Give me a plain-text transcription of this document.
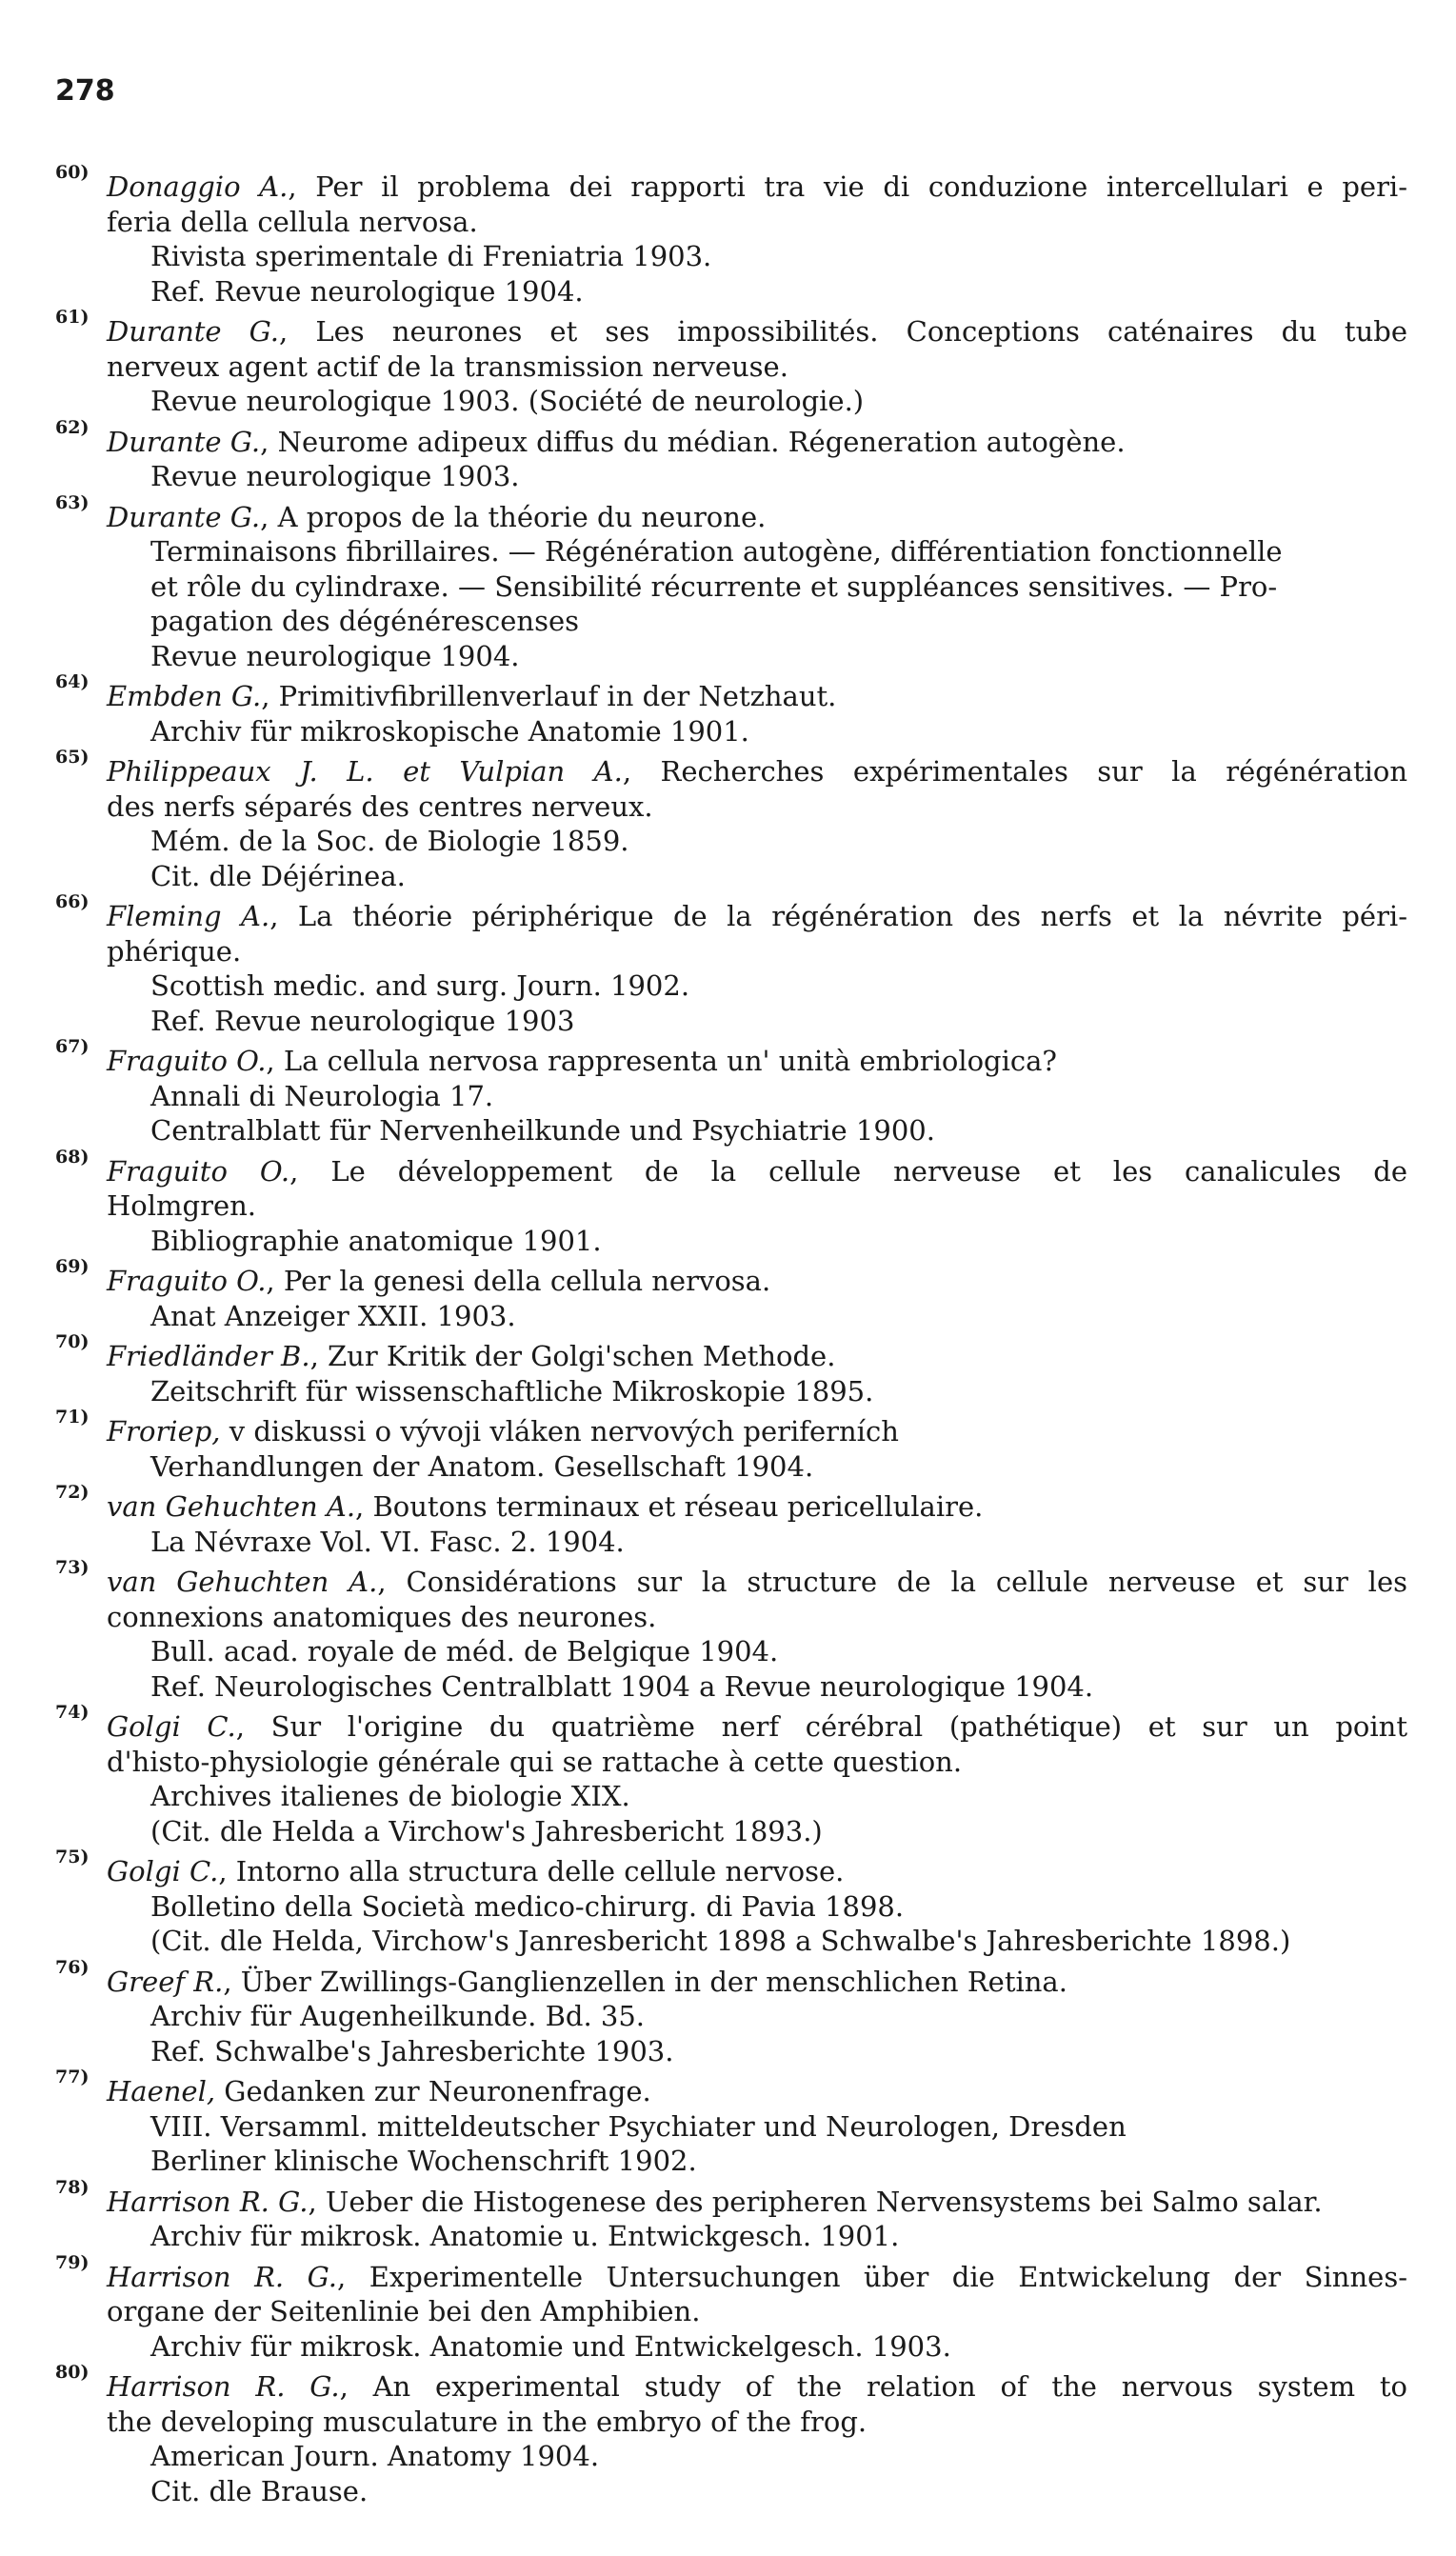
278
60) Donaggio A., Per il problema dei rapporti tra vie di conduzione intercellulari e peri-
feria della cellula nervosa.
Rivista sperimentale di Freniatria 1903.
Ref. Revue neurologique 1904.
61) Durante G., Les neurones et ses impossibilités. Conceptions caténaires du tube
nerveux agent actif de la transmission nerveuse.
Revue neurologique 1903. (Société de neurologie.)
62) Durante G., Neurome adipeux diffus du médian. Régeneration autogène.
Revue neurologique 1903.
63) Durante G., A propos de la théorie du neurone.
Terminaisons fibrillaires. — Régénération autogène, différentiation fonctionnelle
et rôle du cylindraxe. — Sensibilité récurrente et suppléances sensitives. — Pro-
pagation des dégénérescenses
Revue neurologique 1904.
64) Embden G., Primitivfibrillenverlauf in der Netzhaut.
Archiv für mikroskopische Anatomie 1901.
65) Philippeaux J. L. et Vulpian A., Recherches expérimentales sur la régénération
des nerfs séparés des centres nerveux.
Mém. de la Soc. de Biologie 1859.
Cit. dle Déjérinea.
66) Fleming A., La théorie périphérique de la régénération des nerfs et la névrite péri-
phérique.
Scottish medic. and surg. Journ. 1902.
Ref. Revue neurologique 1903
67) Fraguito O., La cellula nervosa rappresenta un' unità embriologica?
Annali di Neurologia 17.
Centralblatt für Nervenheilkunde und Psychiatrie 1900.
68) Fraguito O., Le développement de la cellule nerveuse et les canalicules de
Holmgren.
Bibliographie anatomique 1901.
69) Fraguito O., Per la genesi della cellula nervosa.
Anat Anzeiger XXII. 1903.
70) Friedländer B., Zur Kritik der Golgi'schen Methode.
Zeitschrift für wissenschaftliche Mikroskopie 1895.
71) Froriep, v diskussi o vývoji vláken nervových periferních
Verhandlungen der Anatom. Gesellschaft 1904.
72) van Gehuchten A., Boutons terminaux et réseau pericellulaire.
La Névraxe Vol. VI. Fasc. 2. 1904.
73) van Gehuchten A., Considérations sur la structure de la cellule nerveuse et sur les
connexions anatomiques des neurones.
Bull. acad. royale de méd. de Belgique 1904.
Ref. Neurologisches Centralblatt 1904 a Revue neurologique 1904.
74) Golgi C., Sur l'origine du quatrième nerf cérébral (pathétique) et sur un point
d'histo-physiologie générale qui se rattache à cette question.
Archives italienes de biologie XIX.
(Cit. dle Helda a Virchow's Jahresbericht 1893.)
75) Golgi C., Intorno alla structura delle cellule nervose.
Bolletino della Società medico-chirurg. di Pavia 1898.
(Cit. dle Helda, Virchow's Janresbericht 1898 a Schwalbe's Jahresberichte 1898.)
76) Greef R., Über Zwillings-Ganglienzellen in der menschlichen Retina.
Archiv für Augenheilkunde. Bd. 35.
Ref. Schwalbe's Jahresberichte 1903.
77) Haenel, Gedanken zur Neuronenfrage.
VIII. Versamml. mitteldeutscher Psychiater und Neurologen, Dresden
Berliner klinische Wochenschrift 1902.
78) Harrison R. G., Ueber die Histogenese des peripheren Nervensystems bei Salmo salar.
Archiv für mikrosk. Anatomie u. Entwickgesch. 1901.
79) Harrison R. G., Experimentelle Untersuchungen über die Entwickelung der Sinnes-
organe der Seitenlinie bei den Amphibien.
Archiv für mikrosk. Anatomie und Entwickelgesch. 1903.
80) Harrison R. G., An experimental study of the relation of the nervous system to
the developing musculature in the embryo of the frog.
American Journ. Anatomy 1904.
Cit. dle Brause.
